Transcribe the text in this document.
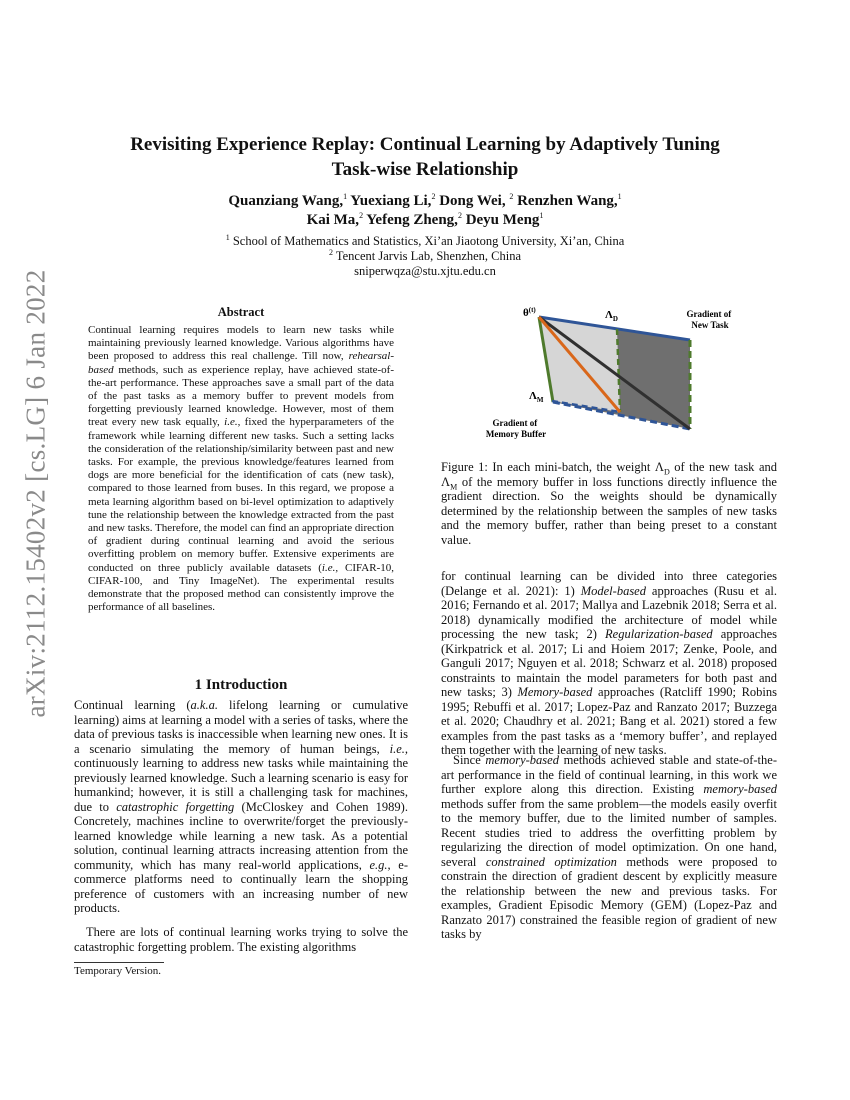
arXiv:2112.15402v2 [cs.LG] 6 Jan 2022
Revisiting Experience Replay: Continual Learning by Adaptively Tuning
Task-wise Relationship
Quanziang Wang,$^1$ Yuexiang Li,$^2$ Dong Wei, $^2$ Renzhen Wang,$^1$
Kai Ma,$^2$ Yefeng Zheng,$^2$ Deyu Meng$^1$
$^1$ School of Mathematics and Statistics, Xi’an Jiaotong University, Xi’an, China
$^2$ Tencent Jarvis Lab, Shenzhen, China
sniperwqza@stu.xjtu.edu.cn
Abstract
Continual learning requires models to learn new tasks while maintaining previously learned knowledge. Various algorithms have been proposed to address this real challenge. Till now, rehearsal-based methods, such as experience replay, have achieved state-of-the-art performance. These approaches save a small part of the data of the past tasks as a memory buffer to prevent models from forgetting previously learned knowledge. However, most of them treat every new task equally, i.e., fixed the hyperparameters of the framework while learning different new tasks. Such a setting lacks the consideration of the relationship/similarity between past and new tasks. For example, the previous knowledge/features learned from dogs are more beneficial for the identification of cats (new task), compared to those learned from buses. In this regard, we propose a meta learning algorithm based on bi-level optimization to adaptively tune the relationship between the knowledge extracted from the past and new tasks. Therefore, the model can find an appropriate direction of gradient during continual learning and avoid the serious overfitting problem on memory buffer. Extensive experiments are conducted on three publicly available datasets (i.e., CIFAR-10, CIFAR-100, and Tiny ImageNet). The experimental results demonstrate that the proposed method can consistently improve the performance of all baselines.
1 Introduction
Continual learning (a.k.a. lifelong learning or cumulative learning) aims at learning a model with a series of tasks, where the data of previous tasks is inaccessible when learning new ones. It is a scenario simulating the memory of human beings, i.e., continuously learning to address new tasks while maintaining the previously learned knowledge. Such a learning scenario is easy for humankind; however, it is still a challenging task for machines, due to catastrophic forgetting (McCloskey and Cohen 1989). Concretely, machines incline to overwrite/forget the previously-learned knowledge while learning a new task. As a potential solution, continual learning attracts increasing attention from the community, which has many real-world applications, e.g., e-commerce platforms need to continually learn the shopping preference of customers with an increasing number of new products.
There are lots of continual learning works trying to solve the catastrophic forgetting problem. The existing algorithms
Temporary Version.
$\theta^{(t)}$	$\Lambda_D$
$\Lambda_M$
Gradient of New Task
Gradient of Memory Buffer
Figure 1: In each mini-batch, the weight $\Lambda_D$ of the new task and $\Lambda_M$ of the memory buffer in loss functions directly influence the gradient direction. So the weights should be dynamically determined by the relationship between the samples of new tasks and the memory buffer, rather than being preset to a constant value.
for continual learning can be divided into three categories (Delange et al. 2021): 1) Model-based approaches (Rusu et al. 2016; Fernando et al. 2017; Mallya and Lazebnik 2018; Serra et al. 2018) dynamically modified the architecture of model while processing the new task; 2) Regularization-based approaches (Kirkpatrick et al. 2017; Li and Hoiem 2017; Zenke, Poole, and Ganguli 2017; Nguyen et al. 2018; Schwarz et al. 2018) proposed constraints to maintain the model parameters for both past and new tasks; 3) Memory-based approaches (Ratcliff 1990; Robins 1995; Rebuffi et al. 2017; Lopez-Paz and Ranzato 2017; Buzzega et al. 2020; Chaudhry et al. 2021; Bang et al. 2021) stored a few examples from the past tasks as a ‘memory buffer’, and replayed them together with the learning of new tasks.
Since memory-based methods achieved stable and state-of-the-art performance in the field of continual learning, in this work we further explore along this direction. Existing memory-based methods suffer from the same problem—the models easily overfit to the memory buffer, due to the limited number of samples. Recent studies tried to address the overfitting problem by regularizing the direction of model optimization. On one hand, several constrained optimization methods were proposed to constrain the direction of gradient descent by explicitly measure the relationship between the new and previous tasks. For examples, Gradient Episodic Memory (GEM) (Lopez-Paz and Ranzato 2017) constrained the feasible region of gradient of new tasks by
